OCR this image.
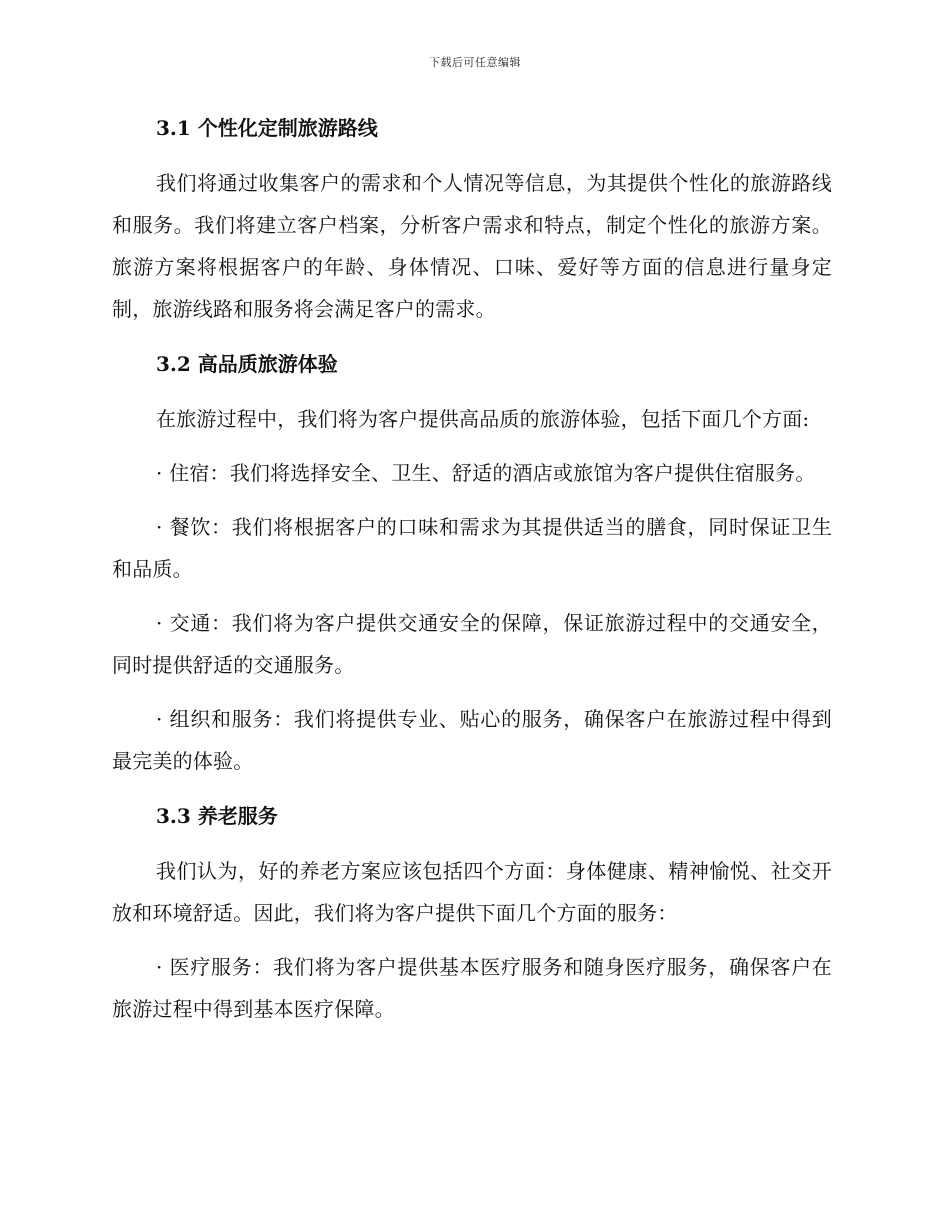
下载后可任意编辑
3.1 个性化定制旅游路线

我们将通过收集客户的需求和个人情况等信息，为其提供个性化的旅游路线和服务。我们将建立客户档案，分析客户需求和特点，制定个性化的旅游方案。旅游方案将根据客户的年龄、身体情况、口味、爱好等方面的信息进行量身定制，旅游线路和服务将会满足客户的需求。

3.2 高品质旅游体验

在旅游过程中，我们将为客户提供高品质的旅游体验，包括下面几个方面:

· 住宿：我们将选择安全、卫生、舒适的酒店或旅馆为客户提供住宿服务。

· 餐饮：我们将根据客户的口味和需求为其提供适当的膳食，同时保证卫生和品质。

· 交通：我们将为客户提供交通安全的保障，保证旅游过程中的交通安全，同时提供舒适的交通服务。

· 组织和服务：我们将提供专业、贴心的服务，确保客户在旅游过程中得到最完美的体验。

3.3 养老服务

我们认为，好的养老方案应该包括四个方面：身体健康、精神愉悦、社交开放和环境舒适。因此，我们将为客户提供下面几个方面的服务：

· 医疗服务：我们将为客户提供基本医疗服务和随身医疗服务，确保客户在旅游过程中得到基本医疗保障。
